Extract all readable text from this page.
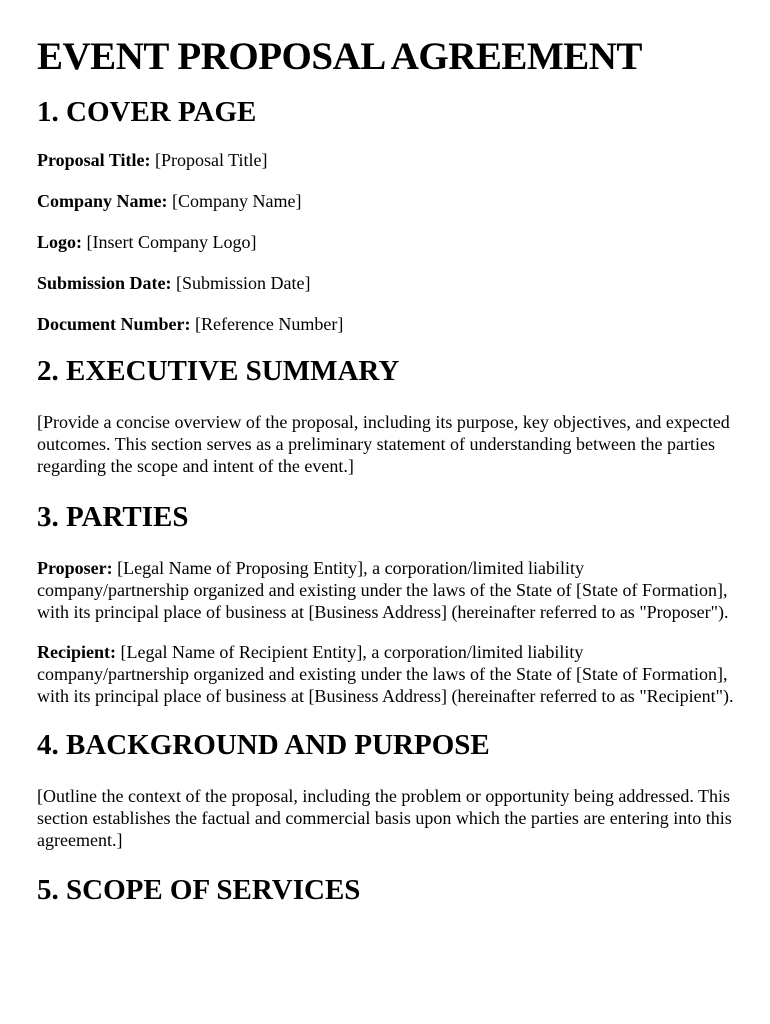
EVENT PROPOSAL AGREEMENT
1. COVER PAGE

Proposal Title: [Proposal Title]

Company Name: [Company Name]

Logo: [Insert Company Logo]

Submission Date: [Submission Date]

Document Number: [Reference Number]

2. EXECUTIVE SUMMARY

[Provide a concise overview of the proposal, including its purpose, key objectives, and expected outcomes. This section serves as a preliminary statement of understanding between the parties regarding the scope and intent of the event.]

3. PARTIES

Proposer: [Legal Name of Proposing Entity], a corporation/limited liability company/partnership organized and existing under the laws of the State of [State of Formation], with its principal place of business at [Business Address] (hereinafter referred to as "Proposer").

Recipient: [Legal Name of Recipient Entity], a corporation/limited liability company/partnership organized and existing under the laws of the State of [State of Formation], with its principal place of business at [Business Address] (hereinafter referred to as "Recipient").

4. BACKGROUND AND PURPOSE

[Outline the context of the proposal, including the problem or opportunity being addressed. This section establishes the factual and commercial basis upon which the parties are entering into this agreement.]

5. SCOPE OF SERVICES
